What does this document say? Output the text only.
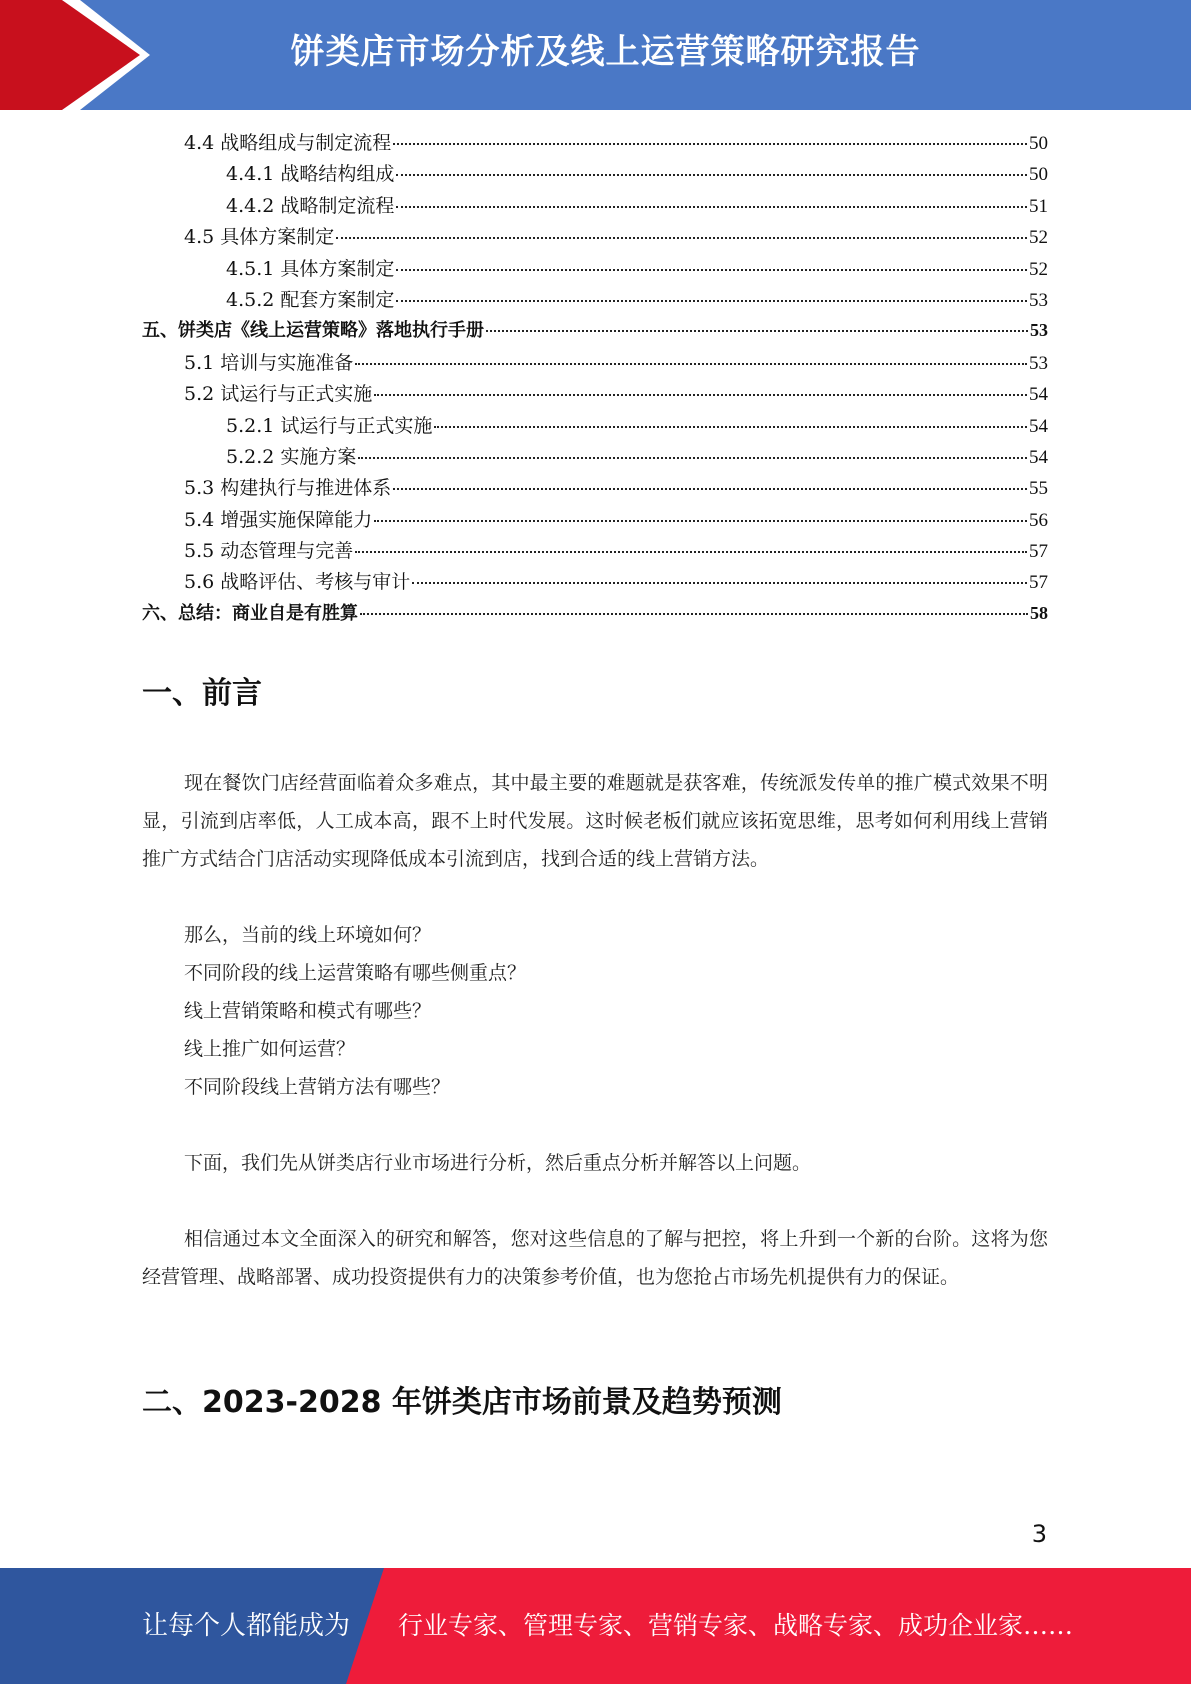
饼类店市场分析及线上运营策略研究报告
4.4 战略组成与制定流程	50
4.4.1 战略结构组成	50
4.4.2 战略制定流程	51
4.5 具体方案制定	52
4.5.1 具体方案制定	52
4.5.2 配套方案制定	53
五、饼类店《线上运营策略》落地执行手册	53
5.1 培训与实施准备	53
5.2 试运行与正式实施	54
5.2.1 试运行与正式实施	54
5.2.2 实施方案	54
5.3 构建执行与推进体系	55
5.4 增强实施保障能力	56
5.5 动态管理与完善	57
5.6 战略评估、考核与审计	57
六、总结：商业自是有胜算	58
一、前言
现在餐饮门店经营面临着众多难点，其中最主要的难题就是获客难，传统派发传单的推广模式效果不明显，引流到店率低，人工成本高，跟不上时代发展。这时候老板们就应该拓宽思维，思考如何利用线上营销推广方式结合门店活动实现降低成本引流到店，找到合适的线上营销方法。
那么，当前的线上环境如何？
不同阶段的线上运营策略有哪些侧重点？
线上营销策略和模式有哪些？
线上推广如何运营？
不同阶段线上营销方法有哪些？
下面，我们先从饼类店行业市场进行分析，然后重点分析并解答以上问题。
相信通过本文全面深入的研究和解答，您对这些信息的了解与把控，将上升到一个新的台阶。这将为您经营管理、战略部署、成功投资提供有力的决策参考价值，也为您抢占市场先机提供有力的保证。
二、2023-2028 年饼类店市场前景及趋势预测
3
让每个人都能成为 行业专家、管理专家、营销专家、战略专家、成功企业家……
